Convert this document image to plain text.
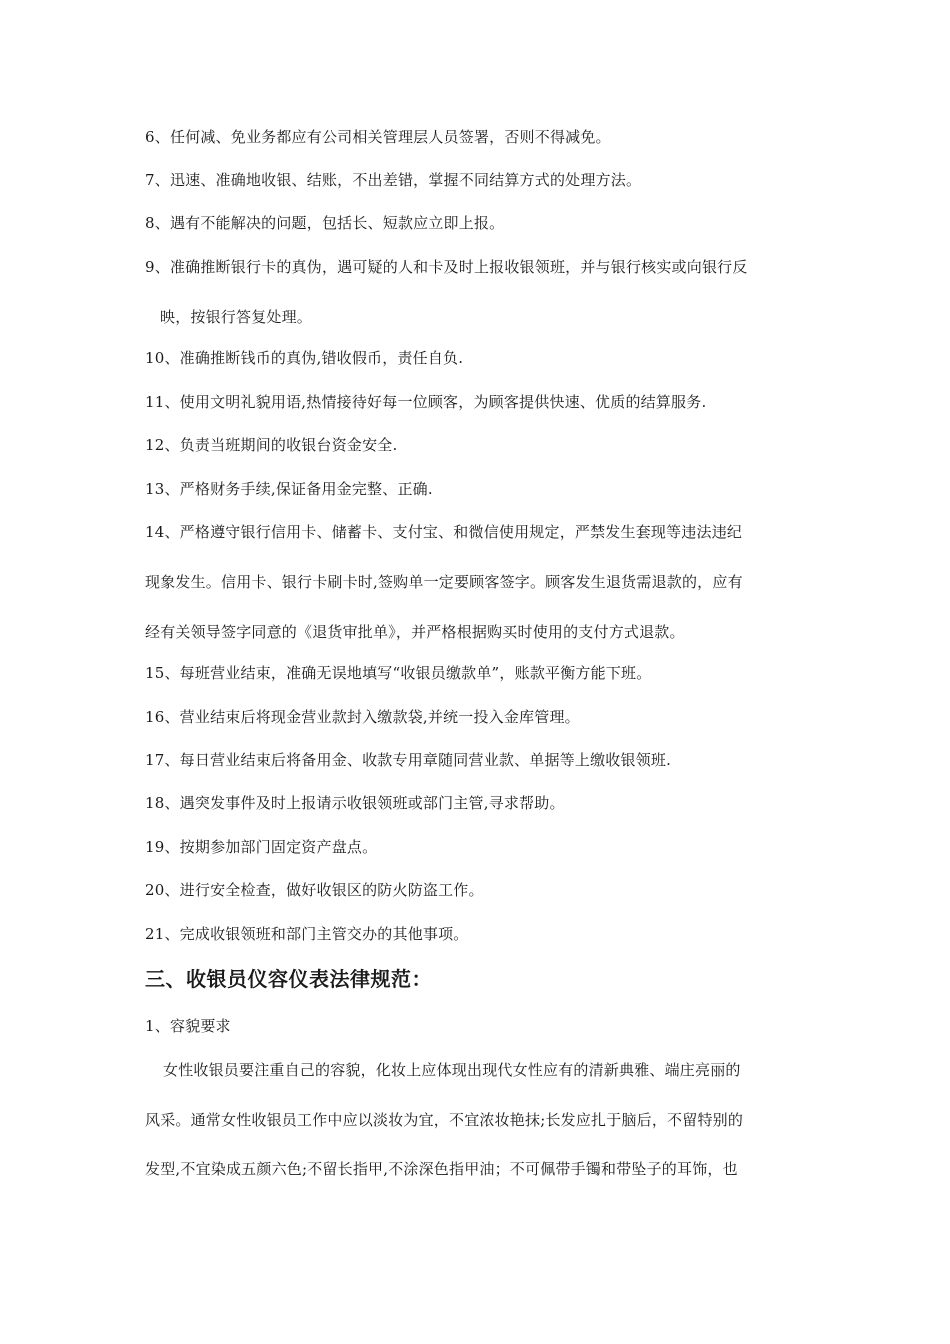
6、任何减、免业务都应有公司相关管理层人员签署，否则不得减免。
7、迅速、准确地收银、结账，不出差错，掌握不同结算方式的处理方法。
8、遇有不能解决的问题，包括长、短款应立即上报。
9、准确推断银行卡的真伪，遇可疑的人和卡及时上报收银领班，并与银行核实或向银行反
映，按银行答复处理。
10、准确推断钱币的真伪,错收假币，责任自负.
11、使用文明礼貌用语,热情接待好每一位顾客，为顾客提供快速、优质的结算服务.
12、负责当班期间的收银台资金安全.
13、严格财务手续,保证备用金完整、正确.
14、严格遵守银行信用卡、储蓄卡、支付宝、和微信使用规定，严禁发生套现等违法违纪
现象发生。信用卡、银行卡刷卡时,签购单一定要顾客签字。顾客发生退货需退款的，应有
经有关领导签字同意的《退货审批单》，并严格根据购买时使用的支付方式退款。
15、每班营业结束，准确无误地填写“收银员缴款单”，账款平衡方能下班。
16、营业结束后将现金营业款封入缴款袋,并统一投入金库管理。
17、每日营业结束后将备用金、收款专用章随同营业款、单据等上缴收银领班.
18、遇突发事件及时上报请示收银领班或部门主管,寻求帮助。
19、按期参加部门固定资产盘点。
20、进行安全检查，做好收银区的防火防盗工作。
21、完成收银领班和部门主管交办的其他事项。
三、收银员仪容仪表法律规范：
1、容貌要求
女性收银员要注重自己的容貌，化妆上应体现出现代女性应有的清新典雅、端庄亮丽的
风采。通常女性收银员工作中应以淡妆为宜，不宜浓妆艳抹;长发应扎于脑后，不留特别的
发型,不宜染成五颜六色;不留长指甲,不涂深色指甲油；不可佩带手镯和带坠子的耳饰，也
